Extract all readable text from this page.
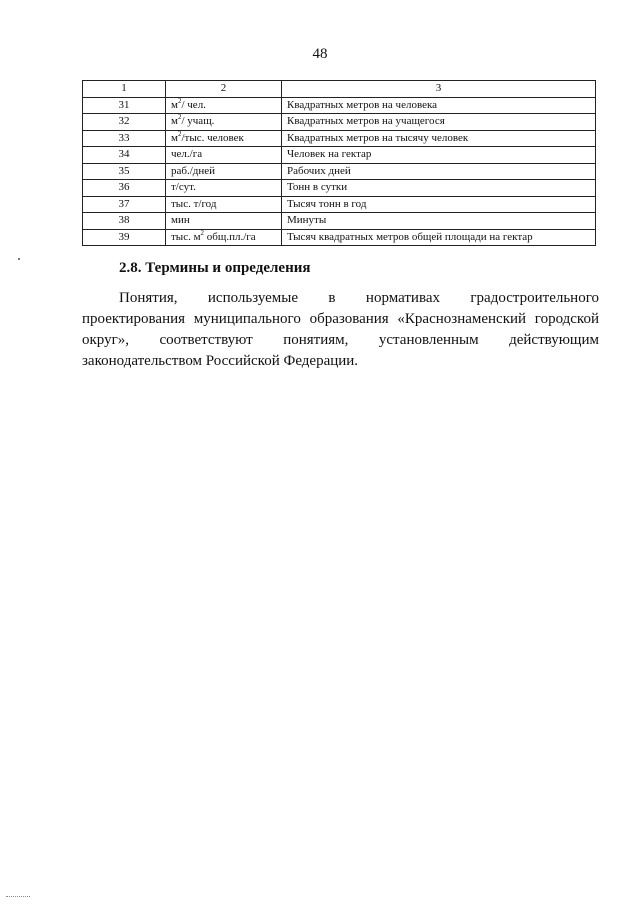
48
1	2	3
31	$м^2/$ чел.	Квадратных метров на человека
32	$м^2/$ учащ.	Квадратных метров на учащегося
33	$м^2$/тыс. человек	Квадратных метров на тысячу человек
34	чел./га	Человек на гектар
35	раб./дней	Рабочих дней
36	т/сут.	Тонн в сутки
37	тыс. т/год	Тысяч тонн в год
38	мин	Минуты
39	тыс. $м^2$ общ.пл./га	Тысяч квадратных метров общей площади на гектар
2.8. Термины и определения

Понятия, используемые в нормативах градостроительного проектирования муниципального образования «Краснознаменский городской округ», соответствуют понятиям, установленным действующим законодательством Российской Федерации.
